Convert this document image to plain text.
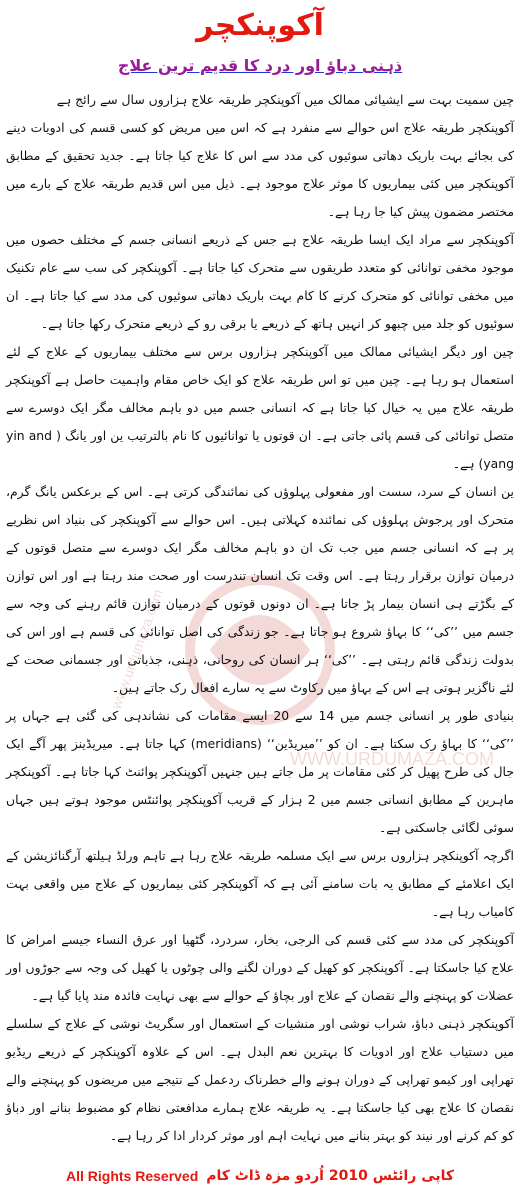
WWW.URDUMAZA.COM
www.urdumaza.com
آکوپنکچر
ذہنی دباؤ اور درد کا قدیم ترین علاج

چین سمیت بہت سے ایشیائی ممالک میں آکوپنکچر طریقہ علاج ہزاروں سال سے رائج ہے

آکوپنکچر طریقہ علاج اس حوالے سے منفرد ہے کہ اس میں مریض کو کسی قسم کی ادویات دینے کی بجائے بہت باریک دھاتی سوئیوں کی مدد سے اس کا علاج کیا جاتا ہے۔ جدید تحقیق کے مطابق آکوپنکچر میں کئی بیماریوں کا موثر علاج موجود ہے۔ ذیل میں اس قدیم طریقہ علاج کے بارے میں مختصر مضمون پیش کیا جا رہا ہے۔

آکوپنکچر سے مراد ایک ایسا طریقہ علاج ہے جس کے ذریعے انسانی جسم کے مختلف حصوں میں موجود مخفی توانائی کو متعدد طریقوں سے متحرک کیا جاتا ہے۔ آکوپنکچر کی سب سے عام تکنیک میں مخفی توانائی کو متحرک کرنے کا کام بہت باریک دھاتی سوئیوں کی مدد سے کیا جاتا ہے۔ ان سوئیوں کو جلد میں چبھو کر انہیں ہاتھ کے ذریعے یا برقی رو کے ذریعے متحرک رکھا جاتا ہے۔

چین اور دیگر ایشیائی ممالک میں آکوپنکچر ہزاروں برس سے مختلف بیماریوں کے علاج کے لئے استعمال ہو رہا ہے۔ چین میں تو اس طریقہ علاج کو ایک خاص مقام واہمیت حاصل ہے آکوپنکچر طریقہ علاج میں یہ خیال کیا جاتا ہے کہ انسانی جسم میں دو باہم مخالف مگر ایک دوسرے سے متصل توانائی کی قسم پائی جاتی ہے۔ ان قوتوں یا توانائیوں کا نام بالترتیب ین اور یانگ ( yin and yang) ہے۔

ین انسان کے سرد، سست اور مفعولی پہلوؤں کی نمائندگی کرتی ہے۔ اس کے برعکس یانگ گرم، متحرک اور پرجوش پہلوؤں کی نمائندہ کہلاتی ہیں۔ اس حوالے سے آکوپنکچر کی بنیاد اس نظریے پر ہے کہ انسانی جسم میں جب تک ان دو باہم مخالف مگر ایک دوسرے سے متصل قوتوں کے درمیان توازن برقرار رہتا ہے۔ اس وقت تک انسان تندرست اور صحت مند رہتا ہے اور اس توازن کے بگڑتے ہی انسان بیمار پڑ جاتا ہے۔ ان دونوں قوتوں کے درمیان توازن قائم رہنے کی وجہ سے جسم میں ’’کی‘‘ کا بہاؤ شروع ہو جاتا ہے۔ جو زندگی کی اصل توانائی کی قسم ہے اور اس کی بدولت زندگی قائم رہتی ہے۔ ’’کی‘‘ ہر انسان کی روحانی، ذہنی، جذباتی اور جسمانی صحت کے لئے ناگزیر ہوتی ہے اس کے بہاؤ میں رکاوٹ سے یہ سارے افعال رک جاتے ہیں۔

بنیادی طور پر انسانی جسم میں 14 سے 20 ایسے مقامات کی نشاندہی کی گئی ہے جہاں پر ’’کی‘‘ کا بہاؤ رک سکتا ہے۔ ان کو ’’میریڈین‘‘ (meridians) کہا جاتا ہے۔ میریڈینز پھر آگے ایک جال کی طرح پھیل کر کئی مقامات پر مل جاتے ہیں جنہیں آکوپنکچر پوائنٹ کہا جاتا ہے۔ آکوپنکچر ماہرین کے مطابق انسانی جسم میں 2 ہزار کے قریب آکوپنکچر پوائنٹس موجود ہوتے ہیں جہاں سوئی لگائی جاسکتی ہے۔

اگرچہ آکوپنکچر ہزاروں برس سے ایک مسلمہ طریقہ علاج رہا ہے تاہم ورلڈ ہیلتھ آرگنائزیشن کے ایک اعلامئے کے مطابق یہ بات سامنے آئی ہے کہ آکوپنکچر کئی بیماریوں کے علاج میں واقعی بہت کامیاب رہا ہے۔

آکوپنکچر کی مدد سے کئی قسم کی الرجی، بخار، سردرد، گٹھیا اور عرق النساء جیسے امراض کا علاج کیا جاسکتا ہے۔ آکوپنکچر کو کھیل کے دوران لگنے والی چوٹوں یا کھیل کی وجہ سے جوڑوں اور عضلات کو پہنچنے والے نقصان کے علاج اور بچاؤ کے حوالے سے بھی نہایت فائدہ مند پایا گیا ہے۔

آکوپنکچر ذہنی دباؤ، شراب نوشی اور منشیات کے استعمال اور سگریٹ نوشی کے علاج کے سلسلے میں دستیاب علاج اور ادویات کا بہترین نعم البدل ہے۔ اس کے علاوہ آکوپنکچر کے ذریعے ریڈیو تھراپی اور کیمو تھراپی کے دوران ہونے والے خطرناک ردعمل کے نتیجے میں مریضوں کو پہنچنے والے نقصان کا علاج بھی کیا جاسکتا ہے۔ یہ طریقہ علاج ہمارے مدافعتی نظام کو مضبوط بنانے اور دباؤ کو کم کرنے اور نیند کو بہتر بنانے میں نہایت اہم اور موثر کردار ادا کر رہا ہے۔

کاپی رائٹس 2010 اُردو مزہ ڈاٹ کام
All Rights Reserved
